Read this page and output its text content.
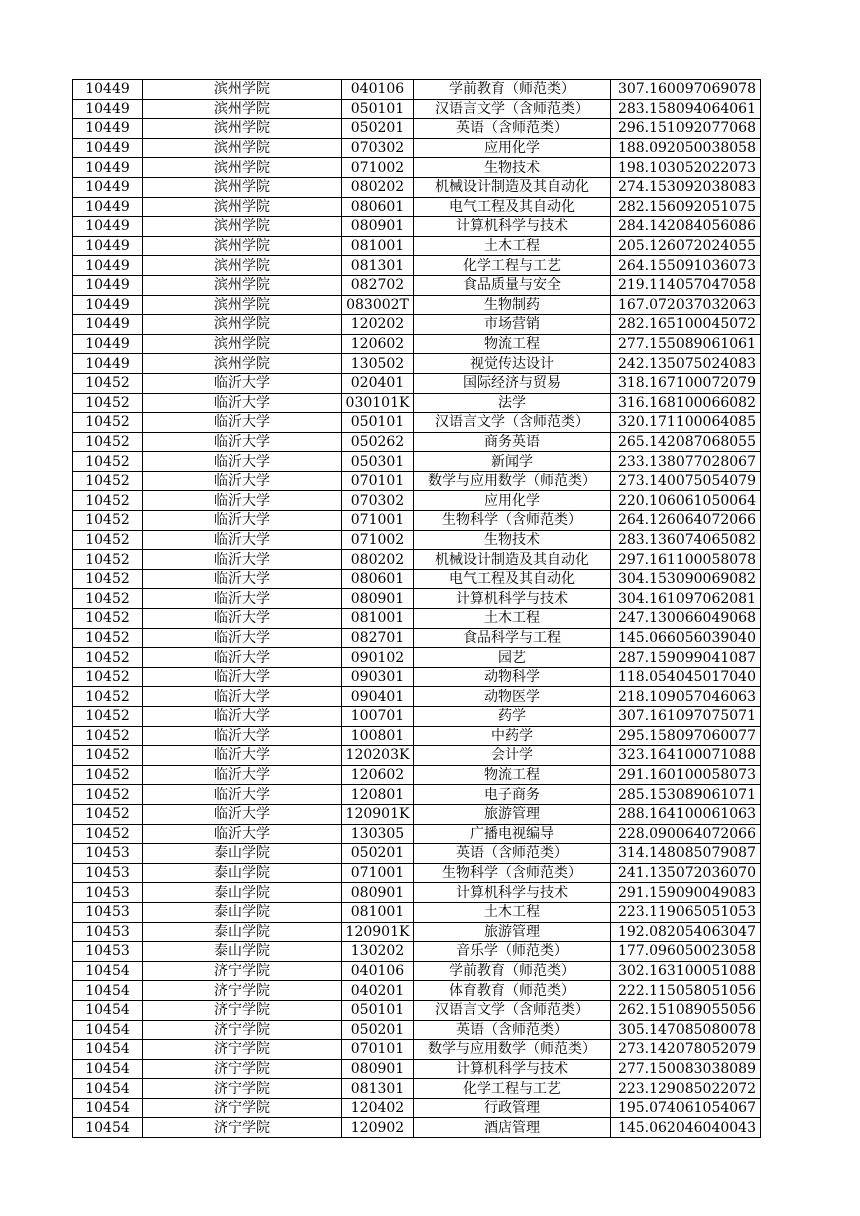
10449	滨州学院	040106	学前教育（师范类）	307.160097069078
10449	滨州学院	050101	汉语言文学（含师范类）	283.158094064061
10449	滨州学院	050201	英语（含师范类）	296.151092077068
10449	滨州学院	070302	应用化学	188.092050038058
10449	滨州学院	071002	生物技术	198.103052022073
10449	滨州学院	080202	机械设计制造及其自动化	274.153092038083
10449	滨州学院	080601	电气工程及其自动化	282.156092051075
10449	滨州学院	080901	计算机科学与技术	284.142084056086
10449	滨州学院	081001	土木工程	205.126072024055
10449	滨州学院	081301	化学工程与工艺	264.155091036073
10449	滨州学院	082702	食品质量与安全	219.114057047058
10449	滨州学院	083002T	生物制药	167.072037032063
10449	滨州学院	120202	市场营销	282.165100045072
10449	滨州学院	120602	物流工程	277.155089061061
10449	滨州学院	130502	视觉传达设计	242.135075024083
10452	临沂大学	020401	国际经济与贸易	318.167100072079
10452	临沂大学	030101K	法学	316.168100066082
10452	临沂大学	050101	汉语言文学（含师范类）	320.171100064085
10452	临沂大学	050262	商务英语	265.142087068055
10452	临沂大学	050301	新闻学	233.138077028067
10452	临沂大学	070101	数学与应用数学（师范类）	273.140075054079
10452	临沂大学	070302	应用化学	220.106061050064
10452	临沂大学	071001	生物科学（含师范类）	264.126064072066
10452	临沂大学	071002	生物技术	283.136074065082
10452	临沂大学	080202	机械设计制造及其自动化	297.161100058078
10452	临沂大学	080601	电气工程及其自动化	304.153090069082
10452	临沂大学	080901	计算机科学与技术	304.161097062081
10452	临沂大学	081001	土木工程	247.130066049068
10452	临沂大学	082701	食品科学与工程	145.066056039040
10452	临沂大学	090102	园艺	287.159099041087
10452	临沂大学	090301	动物科学	118.054045017040
10452	临沂大学	090401	动物医学	218.109057046063
10452	临沂大学	100701	药学	307.161097075071
10452	临沂大学	100801	中药学	295.158097060077
10452	临沂大学	120203K	会计学	323.164100071088
10452	临沂大学	120602	物流工程	291.160100058073
10452	临沂大学	120801	电子商务	285.153089061071
10452	临沂大学	120901K	旅游管理	288.164100061063
10452	临沂大学	130305	广播电视编导	228.090064072066
10453	泰山学院	050201	英语（含师范类）	314.148085079087
10453	泰山学院	071001	生物科学（含师范类）	241.135072036070
10453	泰山学院	080901	计算机科学与技术	291.159090049083
10453	泰山学院	081001	土木工程	223.119065051053
10453	泰山学院	120901K	旅游管理	192.082054063047
10453	泰山学院	130202	音乐学（师范类）	177.096050023058
10454	济宁学院	040106	学前教育（师范类）	302.163100051088
10454	济宁学院	040201	体育教育（师范类）	222.115058051056
10454	济宁学院	050101	汉语言文学（含师范类）	262.151089055056
10454	济宁学院	050201	英语（含师范类）	305.147085080078
10454	济宁学院	070101	数学与应用数学（师范类）	273.142078052079
10454	济宁学院	080901	计算机科学与技术	277.150083038089
10454	济宁学院	081301	化学工程与工艺	223.129085022072
10454	济宁学院	120402	行政管理	195.074061054067
10454	济宁学院	120902	酒店管理	145.062046040043
